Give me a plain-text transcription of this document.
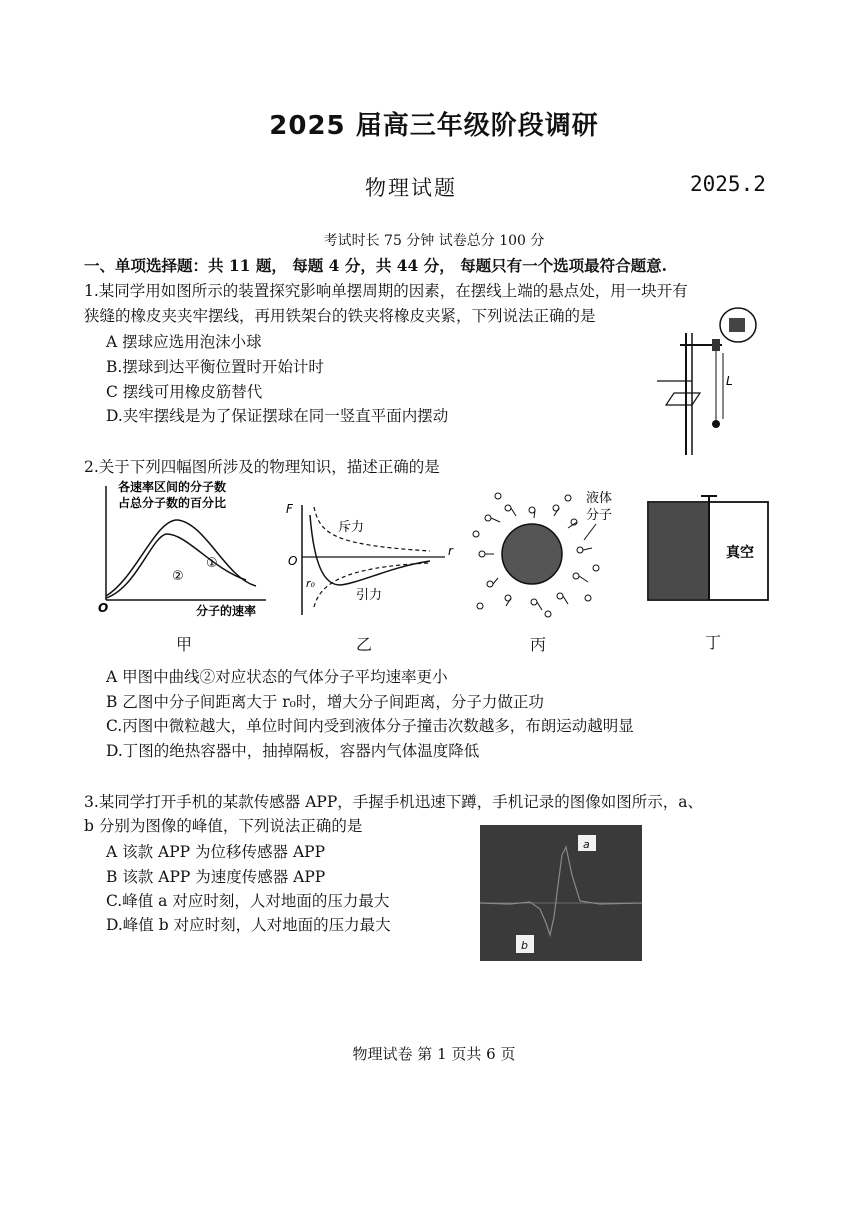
2025 届高三年级阶段调研
物理试题	2025.2
考试时长 75 分钟 试卷总分 100 分
一、单项选择题：共 11 题， 每题 4 分，共 44 分， 每题只有一个选项最符合题意.
1.某同学用如图所示的装置探究影响单摆周期的因素，在摆线上端的悬点处，用一块开有
狭缝的橡皮夹夹牢摆线，再用铁架台的铁夹将橡皮夹紧，下列说法正确的是
A 摆球应选用泡沫小球
B.摆球到达平衡位置时开始计时
C 摆线可用橡皮筋替代
D.夹牢摆线是为了保证摆球在同一竖直平面内摆动
L
2.关于下列四幅图所涉及的物理知识，描述正确的是
各速率区间的分子数
占总分子数的百分比
①
②
O	分子的速率
甲
F
r
O
斥力
r₀
引力
乙
液体
分子
丙
真空
丁
A 甲图中曲线②对应状态的气体分子平均速率更小
B 乙图中分子间距离大于 r₀时，增大分子间距离，分子力做正功
C.丙图中微粒越大，单位时间内受到液体分子撞击次数越多，布朗运动越明显
D.丁图的绝热容器中，抽掉隔板，容器内气体温度降低
3.某同学打开手机的某款传感器 APP，手握手机迅速下蹲，手机记录的图像如图所示，a、
b 分别为图像的峰值，下列说法正确的是
A 该款 APP 为位移传感器 APP
B 该款 APP 为速度传感器 APP
C.峰值 a 对应时刻，人对地面的压力最大
D.峰值 b 对应时刻，人对地面的压力最大
a
b
物理试卷 第 1 页共 6 页
